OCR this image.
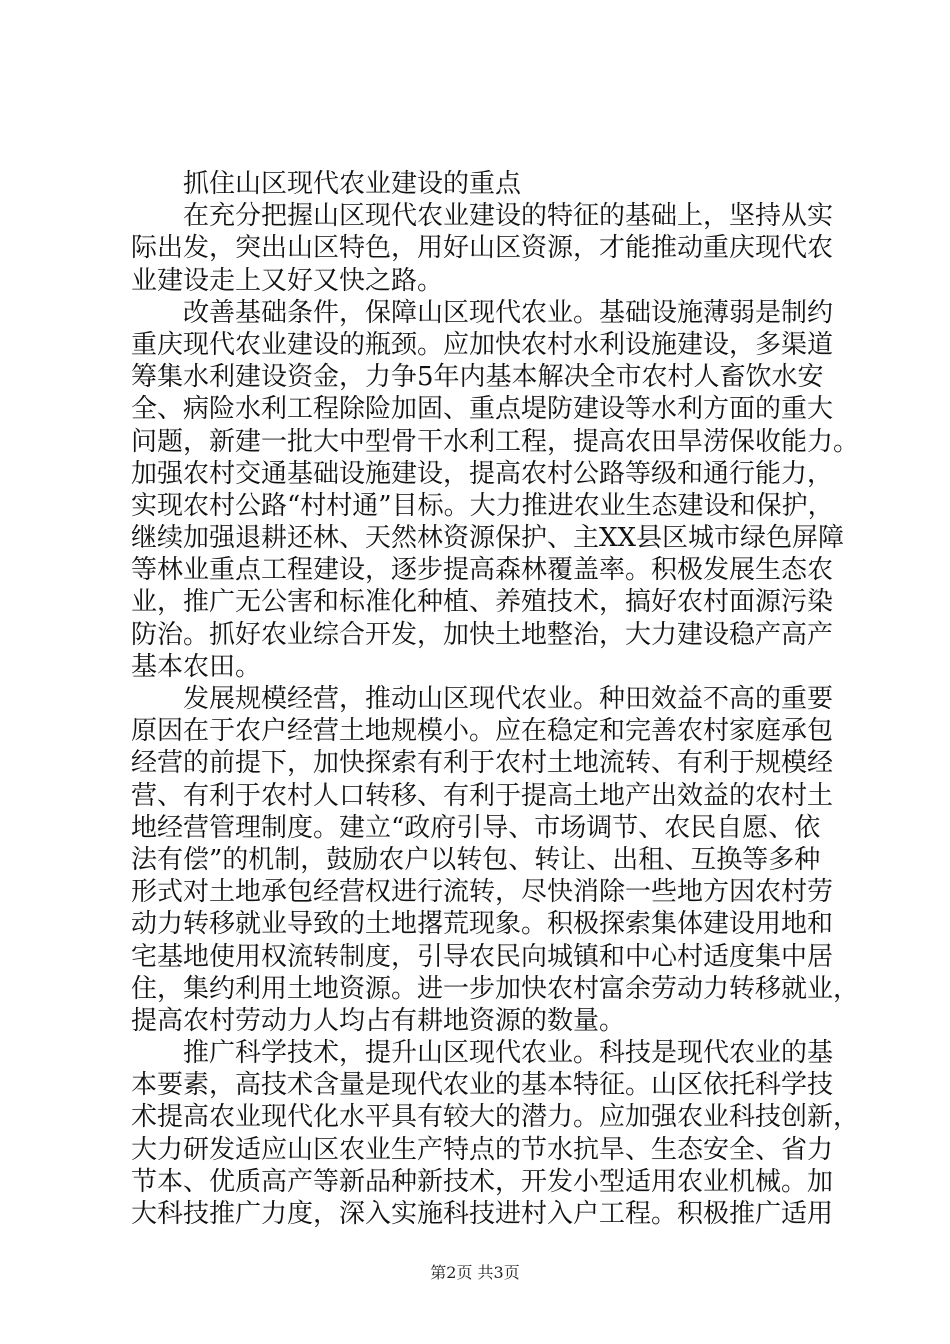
抓住山区现代农业建设的重点
在充分把握山区现代农业建设的特征的基础上，坚持从实
际出发，突出山区特色，用好山区资源，才能推动重庆现代农
业建设走上又好又快之路。
改善基础条件，保障山区现代农业。基础设施薄弱是制约
重庆现代农业建设的瓶颈。应加快农村水利设施建设，多渠道
筹集水利建设资金，力争5年内基本解决全市农村人畜饮水安
全、病险水利工程除险加固、重点堤防建设等水利方面的重大
问题，新建一批大中型骨干水利工程，提高农田旱涝保收能力。
加强农村交通基础设施建设，提高农村公路等级和通行能力，
实现农村公路“村村通”目标。大力推进农业生态建设和保护，
继续加强退耕还林、天然林资源保护、主XX县区城市绿色屏障
等林业重点工程建设，逐步提高森林覆盖率。积极发展生态农
业，推广无公害和标准化种植、养殖技术，搞好农村面源污染
防治。抓好农业综合开发，加快土地整治，大力建设稳产高产
基本农田。
发展规模经营，推动山区现代农业。种田效益不高的重要
原因在于农户经营土地规模小。应在稳定和完善农村家庭承包
经营的前提下，加快探索有利于农村土地流转、有利于规模经
营、有利于农村人口转移、有利于提高土地产出效益的农村土
地经营管理制度。建立“政府引导、市场调节、农民自愿、依
法有偿”的机制，鼓励农户以转包、转让、出租、互换等多种
形式对土地承包经营权进行流转，尽快消除一些地方因农村劳
动力转移就业导致的土地撂荒现象。积极探索集体建设用地和
宅基地使用权流转制度，引导农民向城镇和中心村适度集中居
住，集约利用土地资源。进一步加快农村富余劳动力转移就业，
提高农村劳动力人均占有耕地资源的数量。
推广科学技术，提升山区现代农业。科技是现代农业的基
本要素，高技术含量是现代农业的基本特征。山区依托科学技
术提高农业现代化水平具有较大的潜力。应加强农业科技创新，
大力研发适应山区农业生产特点的节水抗旱、生态安全、省力
节本、优质高产等新品种新技术，开发小型适用农业机械。加
大科技推广力度，深入实施科技进村入户工程。积极推广适用
第2页 共3页
